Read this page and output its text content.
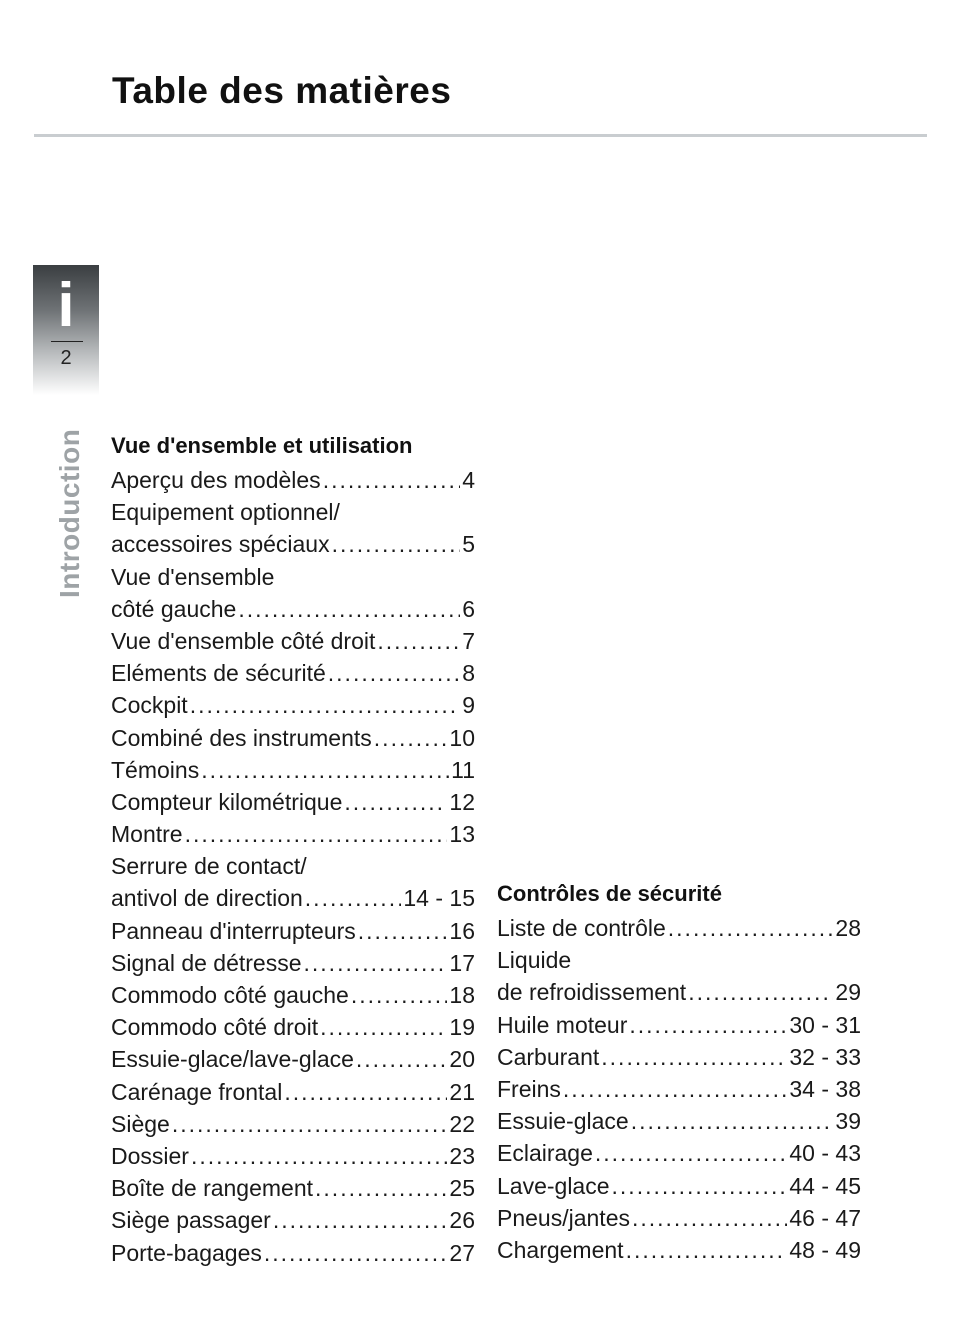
Table des matières
i
2
Introduction Vue d'ensemble et utilisation
Aperçu des modèles .....	4
Equipement optionnel/
accessoires spéciaux .....	5
Vue d'ensemble
côté gauche .....	6
Vue d'ensemble côté droit .....	7
Eléments de sécurité .....	8
Cockpit .....	9
Combiné des instruments .....	10
Témoins .....	11
Compteur kilométrique .....	12
Montre .....	13
Serrure de contact/
antivol de direction .....	14 - 15
Panneau d'interrupteurs .....	16
Signal de détresse .....	17
Commodo côté gauche .....	18
Commodo côté droit .....	19
Essuie-glace/lave-glace .....	20
Carénage frontal .....	21
Siège .....	22
Dossier .....	23
Boîte de rangement .....	25
Siège passager .....	26
Porte-bagages .....	27
Contrôles de sécurité
Liste de contrôle .....	28
Liquide
de refroidissement .....	29
Huile moteur .....	30 - 31
Carburant .....	32 - 33
Freins .....	34 - 38
Essuie-glace .....	39
Eclairage .....	40 - 43
Lave-glace .....	44 - 45
Pneus/jantes .....	46 - 47
Chargement .....	48 - 49
